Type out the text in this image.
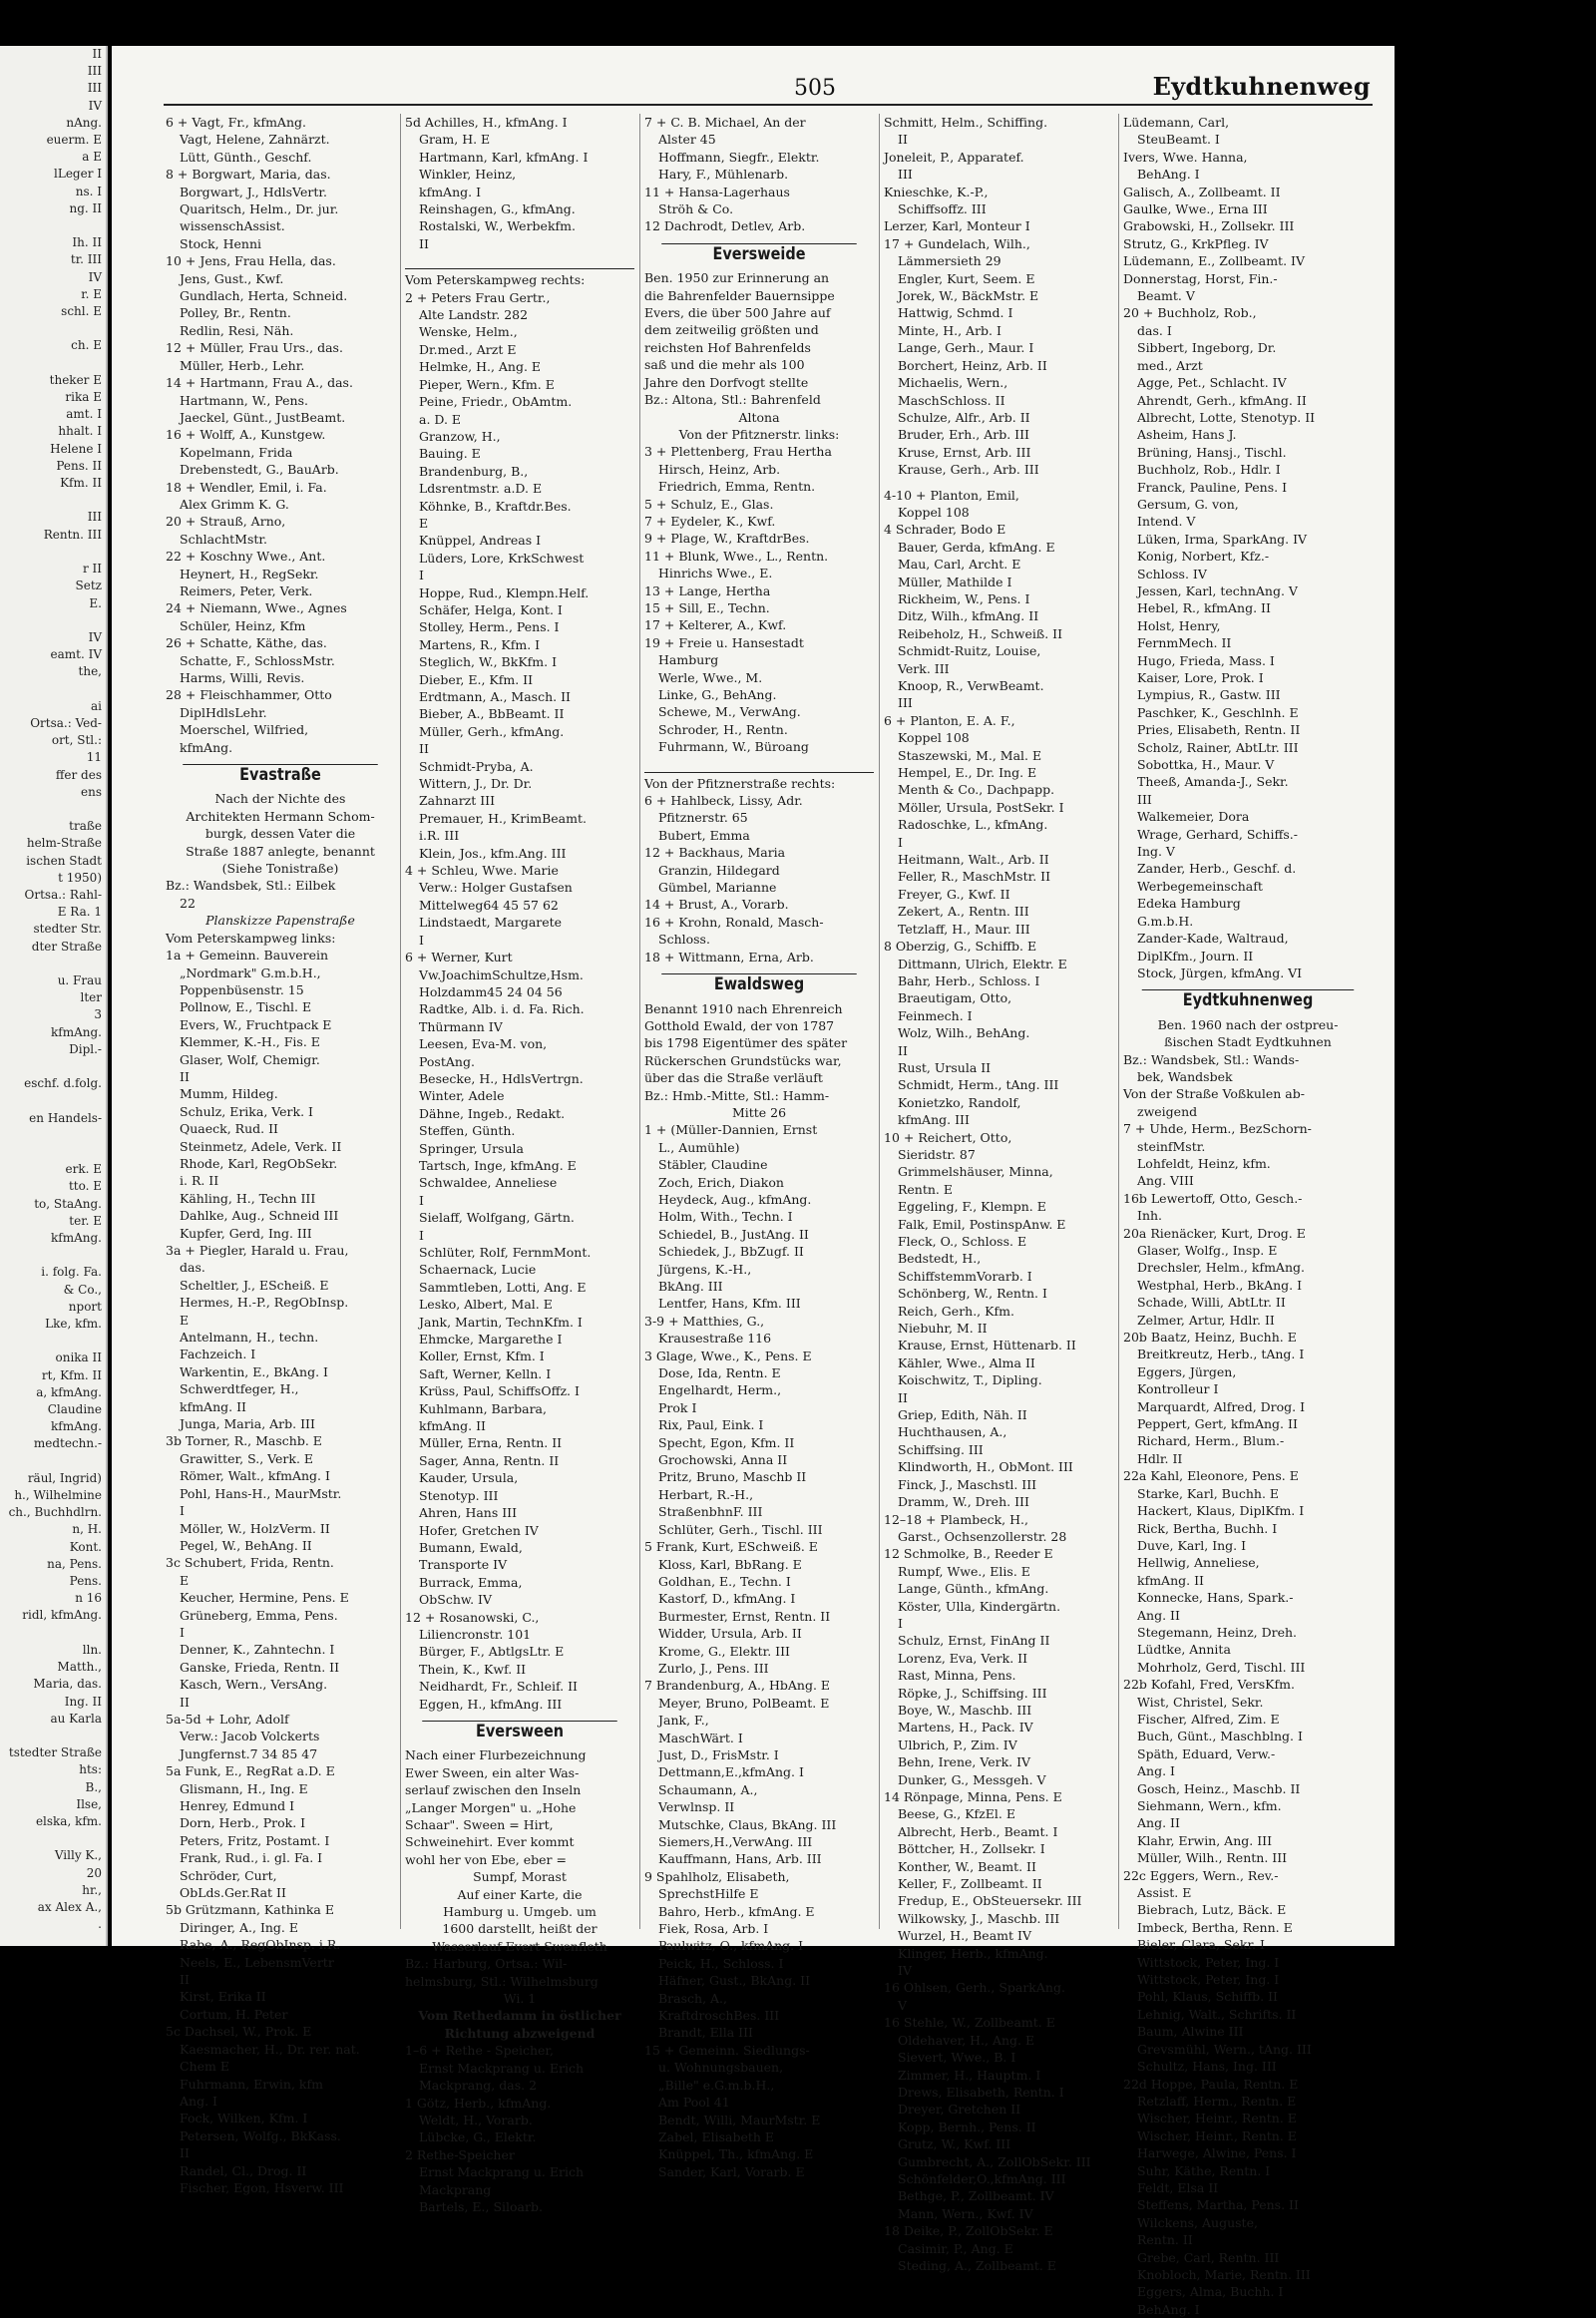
II
III
III
IV
nAng.
euerm. E
a E
lLeger I
ns. I
ng. II

Ih. II
tr. III
IV
r. E
schl. E

ch. E

theker E
rika E
amt. I
hhalt. I
Helene I
Pens. II
Kfm. II

III
Rentn. III

r II
Setz
E.

IV
eamt. IV
the,

ai
Ortsa.: Ved-
ort, Stl.:
11
ffer des
ens

traße
helm-Straße
ischen Stadt
t 1950)
Ortsa.: Rahl-
E Ra. 1
stedter Str.
dter Straße

u. Frau
lter
3
kfmAng.
Dipl.-

eschf. d.folg.

en Handels-

erk. E
tto. E
to, StaAng.
ter. E
kfmAng.

i. folg. Fa.
& Co.,
nport
Lke, kfm.

onika II
rt, Kfm. II
a, kfmAng.
Claudine
kfmAng.
medtechn.-

räul, Ingrid)
h., Wilhelmine
ch., Buchhdlrn.
n, H.
Kont.
na, Pens.
Pens.
n 16
ridl, kfmAng.

lln.
Matth.,
Maria, das.
Ing. II
au Karla

tstedter Straße
hts:
B.,
Ilse,
elska, kfm.

Villy K.,
20
hr.,
ax Alex A.,
.
505	Eydtkuhnenweg
6 + Vagt, Fr., kfmAng.
Vagt, Helene, Zahnärzt.
Lütt, Günth., Geschf.
8 + Borgwart, Maria, das.
Borgwart, J., HdlsVertr.
Quaritsch, Helm., Dr. jur.
wissenschAssist.
Stock, Henni
10 + Jens, Frau Hella, das.
Jens, Gust., Kwf.
Gundlach, Herta, Schneid.
Polley, Br., Rentn.
Redlin, Resi, Näh.
12 + Müller, Frau Urs., das.
Müller, Herb., Lehr.
14 + Hartmann, Frau A., das.
Hartmann, W., Pens.
Jaeckel, Günt., JustBeamt.
16 + Wolff, A., Kunstgew.
Kopelmann, Frida
Drebenstedt, G., BauArb.
18 + Wendler, Emil, i. Fa.
Alex Grimm K. G.
20 + Strauß, Arno,
SchlachtMstr.
22 + Koschny Wwe., Ant.
Heynert, H., RegSekr.
Reimers, Peter, Verk.
24 + Niemann, Wwe., Agnes
Schüler, Heinz, Kfm
26 + Schatte, Käthe, das.
Schatte, F., SchlossMstr.
Harms, Willi, Revis.
28 + Fleischhammer, Otto
DiplHdlsLehr.
Moerschel, Wilfried,
kfmAng.
Evastraße
Nach der Nichte des
Architekten Hermann Schom-
burgk, dessen Vater die
Straße 1887 anlegte, benannt
(Siehe Tonistraße)
Bz.: Wandsbek, Stl.: Eilbek
22
Planskizze Papenstraße
Vom Peterskampweg links:
1a + Gemeinn. Bauverein
„Nordmark" G.m.b.H.,
Poppenbüsenstr. 15
Pollnow, E., Tischl. E
Evers, W., Fruchtpack E
Klemmer, K.-H., Fis. E
Glaser, Wolf, Chemigr.
II
Mumm, Hildeg.
Schulz, Erika, Verk. I
Quaeck, Rud. II
Steinmetz, Adele, Verk. II
Rhode, Karl, RegObSekr.
i. R. II
Kähling, H., Techn III
Dahlke, Aug., Schneid III
Kupfer, Gerd, Ing. III
3a + Piegler, Harald u. Frau,
das.
Scheltler, J., EScheiß. E
Hermes, H.-P., RegObInsp.
E
Antelmann, H., techn.
Fachzeich. I
Warkentin, E., BkAng. I
Schwerdtfeger, H.,
kfmAng. II
Junga, Maria, Arb. III
3b Torner, R., Maschb. E
Grawitter, S., Verk. E
Römer, Walt., kfmAng. I
Pohl, Hans-H., MaurMstr.
I
Möller, W., HolzVerm. II
Pegel, W., BehAng. II
3c Schubert, Frida, Rentn.
E
Keucher, Hermine, Pens. E
Grüneberg, Emma, Pens.
I
Denner, K., Zahntechn. I
Ganske, Frieda, Rentn. II
Kasch, Wern., VersAng.
II
5a-5d + Lohr, Adolf
Verw.: Jacob Volckerts
Jungfernst.7 34 85 47
5a Funk, E., RegRat a.D. E
Glismann, H., Ing. E
Henrey, Edmund I
Dorn, Herb., Prok. I
Peters, Fritz, Postamt. I
Frank, Rud., i. gl. Fa. I
Schröder, Curt,
ObLds.Ger.Rat II
5b Grützmann, Kathinka E
Diringer, A., Ing. E
Rabe, A., RegObInsp. i.R.
Neels, E., LebensmVertr
II
Kirst, Erika II
Cortum, H. Peter
5c Dachsel, W., Prok. E
Kaesmacher, H., Dr. rer. nat.
Chem E
Fuhrmann, Erwin, kfm
Ang. I
Fock, Wilken, Kfm. I
Petersen, Wolfg., BkKass.
II
Randel, Cl., Drog. II
Fischer, Egon, Hsverw. III
5d Achilles, H., kfmAng. I
Gram, H. E
Hartmann, Karl, kfmAng. I
Winkler, Heinz,
kfmAng. I
Reinshagen, G., kfmAng.
Rostalski, W., Werbekfm.
II
Vom Peterskampweg rechts:
2 + Peters Frau Gertr.,
Alte Landstr. 282
Wenske, Helm.,
Dr.med., Arzt E
Helmke, H., Ang. E
Pieper, Wern., Kfm. E
Peine, Friedr., ObAmtm.
a. D. E
Granzow, H.,
Bauing. E
Brandenburg, B.,
Ldsrentmstr. a.D. E
Köhnke, B., Kraftdr.Bes.
E
Knüppel, Andreas I
Lüders, Lore, KrkSchwest
I
Hoppe, Rud., Klempn.Helf.
Schäfer, Helga, Kont. I
Stolley, Herm., Pens. I
Martens, R., Kfm. I
Steglich, W., BkKfm. I
Dieber, E., Kfm. II
Erdtmann, A., Masch. II
Bieber, A., BbBeamt. II
Müller, Gerh., kfmAng.
II
Schmidt-Pryba, A.
Wittern, J., Dr. Dr.
Zahnarzt III
Premauer, H., KrimBeamt.
i.R. III
Klein, Jos., kfm.Ang. III
4 + Schleu, Wwe. Marie
Verw.: Holger Gustafsen
Mittelweg64 45 57 62
Lindstaedt, Margarete
I
6 + Werner, Kurt
Vw.JoachimSchultze,Hsm.
Holzdamm45 24 04 56
Radtke, Alb. i. d. Fa. Rich.
Thürmann IV
Leesen, Eva-M. von,
PostAng.
Besecke, H., HdlsVertrgn.
Winter, Adele
Dähne, Ingeb., Redakt.
Steffen, Günth.
Springer, Ursula
Tartsch, Inge, kfmAng. E
Schwaldee, Anneliese
I
Sielaff, Wolfgang, Gärtn.
I
Schlüter, Rolf, FernmMont.
Schaernack, Lucie
Sammtleben, Lotti, Ang. E
Lesko, Albert, Mal. E
Jank, Martin, TechnKfm. I
Ehmcke, Margarethe I
Koller, Ernst, Kfm. I
Saft, Werner, Kelln. I
Krüss, Paul, SchiffsOffz. I
Kuhlmann, Barbara,
kfmAng. II
Müller, Erna, Rentn. II
Sager, Anna, Rentn. II
Kauder, Ursula,
Stenotyp. III
Ahren, Hans III
Hofer, Gretchen IV
Bumann, Ewald,
Transporte IV
Burrack, Emma,
ObSchw. IV
12 + Rosanowski, C.,
Liliencronstr. 101
Bürger, F., AbtlgsLtr. E
Thein, K., Kwf. II
Neidhardt, Fr., Schleif. II
Eggen, H., kfmAng. III
Eversween
Nach einer Flurbezeichnung
Ewer Sween, ein alter Was-
serlauf zwischen den Inseln
„Langer Morgen" u. „Hohe
Schaar". Sween = Hirt,
Schweinehirt. Ever kommt
wohl her von Ebe, eber =
Sumpf, Morast
Auf einer Karte, die
Hamburg u. Umgeb. um
1600 darstellt, heißt der
Wasserlauf Evert Swenfleth
Bz.: Harburg, Ortsa.: Wil-
helmsburg, Stl.: Wilhelmsburg
Wi. 1
Vom Rethedamm in östlicher
Richtung abzweigend
1–6 + Rethe - Speicher,
Ernst Mackprang u. Erich
Mackprang, das. 2
1 Götz, Herb., kfmAng.
Weldt, H., Vorarb.
Lübcke, G., Elektr.
2 Rethe-Speicher
Ernst Mackprang u. Erich
Mackprang
Bartels, E., Siloarb.
7 + C. B. Michael, An der
Alster 45
Hoffmann, Siegfr., Elektr.
Hary, F., Mühlenarb.
11 + Hansa-Lagerhaus
Ströh & Co.
12 Dachrodt, Detlev, Arb.
Eversweide
Ben. 1950 zur Erinnerung an
die Bahrenfelder Bauernsippe
Evers, die über 500 Jahre auf
dem zeitweilig größten und
reichsten Hof Bahrenfelds
saß und die mehr als 100
Jahre den Dorfvogt stellte
Bz.: Altona, Stl.: Bahrenfeld
Altona
Von der Pfitznerstr. links:
3 + Plettenberg, Frau Hertha
Hirsch, Heinz, Arb.
Friedrich, Emma, Rentn.
5 + Schulz, E., Glas.
7 + Eydeler, K., Kwf.
9 + Plage, W., KraftdrBes.
11 + Blunk, Wwe., L., Rentn.
Hinrichs Wwe., E.
13 + Lange, Hertha
15 + Sill, E., Techn.
17 + Kelterer, A., Kwf.
19 + Freie u. Hansestadt
Hamburg
Werle, Wwe., M.
Linke, G., BehAng.
Schewe, M., VerwAng.
Schroder, H., Rentn.
Fuhrmann, W., Büroang
Von der Pfitznerstraße rechts:
6 + Hahlbeck, Lissy, Adr.
Pfitznerstr. 65
Bubert, Emma
12 + Backhaus, Maria
Granzin, Hildegard
Gümbel, Marianne
14 + Brust, A., Vorarb.
16 + Krohn, Ronald, Masch-
Schloss.
18 + Wittmann, Erna, Arb.
Ewaldsweg
Benannt 1910 nach Ehrenreich
Gotthold Ewald, der von 1787
bis 1798 Eigentümer des später
Rückerschen Grundstücks war,
über das die Straße verläuft
Bz.: Hmb.-Mitte, Stl.: Hamm-
Mitte 26
1 + (Müller-Dannien, Ernst
L., Aumühle)
Stäbler, Claudine
Zoch, Erich, Diakon
Heydeck, Aug., kfmAng.
Holm, With., Techn. I
Schiedel, B., JustAng. II
Schiedek, J., BbZugf. II
Jürgens, K.-H.,
BkAng. III
Lentfer, Hans, Kfm. III
3-9 + Matthies, G.,
Krausestraße 116
3 Glage, Wwe., K., Pens. E
Dose, Ida, Rentn. E
Engelhardt, Herm.,
Prok I
Rix, Paul, Eink. I
Specht, Egon, Kfm. II
Grochowski, Anna II
Pritz, Bruno, Maschb II
Herbart, R.-H.,
StraßenbhnF. III
Schlüter, Gerh., Tischl. III
5 Frank, Kurt, ESchweiß. E
Kloss, Karl, BbRang. E
Goldhan, E., Techn. I
Kastorf, D., kfmAng. I
Burmester, Ernst, Rentn. II
Widder, Ursula, Arb. II
Krome, G., Elektr. III
Zurlo, J., Pens. III
7 Brandenburg, A., HbAng. E
Meyer, Bruno, PolBeamt. E
Jank, F.,
MaschWärt. I
Just, D., FrisMstr. I
Dettmann,E.,kfmAng. I
Schaumann, A.,
Verwlnsp. II
Mutschke, Claus, BkAng. III
Siemers,H.,VerwAng. III
Kauffmann, Hans, Arb. III
9 Spahlholz, Elisabeth,
SprechstHilfe E
Bahro, Herb., kfmAng. E
Fiek, Rosa, Arb. I
Paulwitz, O., kfmAng. I
Peick, H., Schloss. I
Häfner, Gust., BkAng. II
Brasch, A.,
KraftdroschBes. III
Brandt, Ella III
15 + Gemeinn. Siedlungs-
u. Wohnungsbauen,
„Bille" e.G.m.b.H.,
Am Pool 41
Bendt, Willi, MaurMstr. E
Zabel, Elisabeth E
Knüppel, Th., kfmAng. E
Sander, Karl, Vorarb. E
Schmitt, Helm., Schiffing.
II
Joneleit, P., Apparatef.
III
Knieschke, K.-P.,
Schiffsoffz. III
Lerzer, Karl, Monteur I
17 + Gundelach, Wilh.,
Lämmersieth 29
Engler, Kurt, Seem. E
Jorek, W., BäckMstr. E
Hattwig, Schmd. I
Minte, H., Arb. I
Lange, Gerh., Maur. I
Borchert, Heinz, Arb. II
Michaelis, Wern.,
MaschSchloss. II
Schulze, Alfr., Arb. II
Bruder, Erh., Arb. III
Kruse, Ernst, Arb. III
Krause, Gerh., Arb. III
4-10 + Planton, Emil,
Koppel 108
4 Schrader, Bodo E
Bauer, Gerda, kfmAng. E
Mau, Carl, Archt. E
Müller, Mathilde I
Rickheim, W., Pens. I
Ditz, Wilh., kfmAng. II
Reibeholz, H., Schweiß. II
Schmidt-Ruitz, Louise,
Verk. III
Knoop, R., VerwBeamt.
III
6 + Planton, E. A. F.,
Koppel 108
Staszewski, M., Mal. E
Hempel, E., Dr. Ing. E
Menth & Co., Dachpapp.
Möller, Ursula, PostSekr. I
Radoschke, L., kfmAng.
I
Heitmann, Walt., Arb. II
Feller, R., MaschMstr. II
Freyer, G., Kwf. II
Zekert, A., Rentn. III
Tetzlaff, H., Maur. III
8 Oberzig, G., Schiffb. E
Dittmann, Ulrich, Elektr. E
Bahr, Herb., Schloss. I
Braeutigam, Otto,
Feinmech. I
Wolz, Wilh., BehAng.
II
Rust, Ursula II
Schmidt, Herm., tAng. III
Konietzko, Randolf,
kfmAng. III
10 + Reichert, Otto,
Sieridstr. 87
Grimmelshäuser, Minna,
Rentn. E
Eggeling, F., Klempn. E
Falk, Emil, PostinspAnw. E
Fleck, O., Schloss. E
Bedstedt, H.,
SchiffstemmVorarb. I
Schönberg, W., Rentn. I
Reich, Gerh., Kfm.
Niebuhr, M. II
Krause, Ernst, Hüttenarb. II
Kähler, Wwe., Alma II
Koischwitz, T., Dipling.
II
Griep, Edith, Näh. II
Huchthausen, A.,
Schiffsing. III
Klindworth, H., ObMont. III
Finck, J., Maschstl. III
Dramm, W., Dreh. III
12–18 + Plambeck, H.,
Garst., Ochsenzollerstr. 28
12 Schmolke, B., Reeder E
Rumpf, Wwe., Elis. E
Lange, Günth., kfmAng.
Köster, Ulla, Kindergärtn.
I
Schulz, Ernst, FinAng II
Lorenz, Eva, Verk. II
Rast, Minna, Pens.
Röpke, J., Schiffsing. III
Boye, W., Maschb. III
Martens, H., Pack. IV
Ulbrich, P., Zim. IV
Behn, Irene, Verk. IV
Dunker, G., Messgeh. V
14 Rönpage, Minna, Pens. E
Beese, G., KfzEl. E
Albrecht, Herb., Beamt. I
Böttcher, H., Zollsekr. I
Konther, W., Beamt. II
Keller, F., Zollbeamt. II
Fredup, E., ObSteuersekr. III
Wilkowsky, J., Maschb. III
Wurzel, H., Beamt IV
Klinger, Herb., kfmAng.
IV
16 Ohlsen, Gerh., SparkAng.
V
16 Stehle, W., Zollbeamt. E
Oldehaver, H., Ang. E
Sievert, Wwe., B. I
Zimmer, H., Hauptm. I
Drews, Elisabeth, Rentn. I
Dreyer, Gretchen II
Kopp, Bernh., Pens. II
Grutz, W., Kwf. III
Gumbrecht, A., ZollObSekr. III
Schönfelder,O.,kfmAng. III
Bethge, P., Zollbeamt. IV
Mann, Wern., Kwf. IV
18 Deike, P., ZollObSekr. E
Casimir, P., Ang. E
Steding, A., Zollbeamt. E
Lüdemann, Carl,
SteuBeamt. I
Ivers, Wwe. Hanna,
BehAng. I
Galisch, A., Zollbeamt. II
Gaulke, Wwe., Erna III
Grabowski, H., Zollsekr. III
Strutz, G., KrkPfleg. IV
Lüdemann, E., Zollbeamt. IV
Donnerstag, Horst, Fin.-
Beamt. V
20 + Buchholz, Rob.,
das. I
Sibbert, Ingeborg, Dr.
med., Arzt
Agge, Pet., Schlacht. IV
Ahrendt, Gerh., kfmAng. II
Albrecht, Lotte, Stenotyp. II
Asheim, Hans J.
Brüning, Hansj., Tischl.
Buchholz, Rob., Hdlr. I
Franck, Pauline, Pens. I
Gersum, G. von,
Intend. V
Lüken, Irma, SparkAng. IV
Konig, Norbert, Kfz.-
Schloss. IV
Jessen, Karl, technAng. V
Hebel, R., kfmAng. II
Holst, Henry,
FernmMech. II
Hugo, Frieda, Mass. I
Kaiser, Lore, Prok. I
Lympius, R., Gastw. III
Paschker, K., Geschlnh. E
Pries, Elisabeth, Rentn. II
Scholz, Rainer, AbtLtr. III
Sobottka, H., Maur. V
Theeß, Amanda-J., Sekr.
III
Walkemeier, Dora
Wrage, Gerhard, Schiffs.-
Ing. V
Zander, Herb., Geschf. d.
Werbegemeinschaft
Edeka Hamburg
G.m.b.H.
Zander-Kade, Waltraud,
DiplKfm., Journ. II
Stock, Jürgen, kfmAng. VI
Eydtkuhnenweg
Ben. 1960 nach der ostpreu-
ßischen Stadt Eydtkuhnen
Bz.: Wandsbek, Stl.: Wands-
bek, Wandsbek
Von der Straße Voßkulen ab-
zweigend
7 + Uhde, Herm., BezSchorn-
steinfMstr.
Lohfeldt, Heinz, kfm.
Ang. VIII
16b Lewertoff, Otto, Gesch.-
Inh.
20a Rienäcker, Kurt, Drog. E
Glaser, Wolfg., Insp. E
Drechsler, Helm., kfmAng.
Westphal, Herb., BkAng. I
Schade, Willi, AbtLtr. II
Zelmer, Artur, Hdlr. II
20b Baatz, Heinz, Buchh. E
Breitkreutz, Herb., tAng. I
Eggers, Jürgen,
Kontrolleur I
Marquardt, Alfred, Drog. I
Peppert, Gert, kfmAng. II
Richard, Herm., Blum.-
Hdlr. II
22a Kahl, Eleonore, Pens. E
Starke, Karl, Buchh. E
Hackert, Klaus, DiplKfm. I
Rick, Bertha, Buchh. I
Duve, Karl, Ing. I
Hellwig, Anneliese,
kfmAng. II
Konnecke, Hans, Spark.-
Ang. II
Stegemann, Heinz, Dreh.
Lüdtke, Annita
Mohrholz, Gerd, Tischl. III
22b Kofahl, Fred, VersKfm.
Wist, Christel, Sekr.
Fischer, Alfred, Zim. E
Buch, Günt., Maschblng. I
Späth, Eduard, Verw.-
Ang. I
Gosch, Heinz., Maschb. II
Siehmann, Wern., kfm.
Ang. II
Klahr, Erwin, Ang. III
Müller, Wilh., Rentn. III
22c Eggers, Wern., Rev.-
Assist. E
Biebrach, Lutz, Bäck. E
Imbeck, Bertha, Renn. E
Bieler, Clara, Sekr. I
Wittstock, Peter, Ing. I
Wittstock, Peter, Ing. I
Pohl, Klaus, Schiffb. II
Lehnig, Walt., Schrifts. II
Baum, Alwine III
Grevsmühl, Wern., tAng. III
Schultz, Hans, Ing. III
22d Hoppe, Paula, Rentn. E
Retzlaff, Herm., Rentn. E
Wischer, Heinr., Rentn. E
Wischer, Heinr., Rentn. E
Harwege, Alwine, Pens. I
Suhr, Käthe, Rentn. I
Feldt, Elsa II
Steffens, Martha, Pens. II
Wilckens, Auguste,
Rentn. II
Grebe, Carl, Rentn. III
Knobloch, Marie, Rentn. III
Eggers, Alma, Buchh. I
BehAng. I
